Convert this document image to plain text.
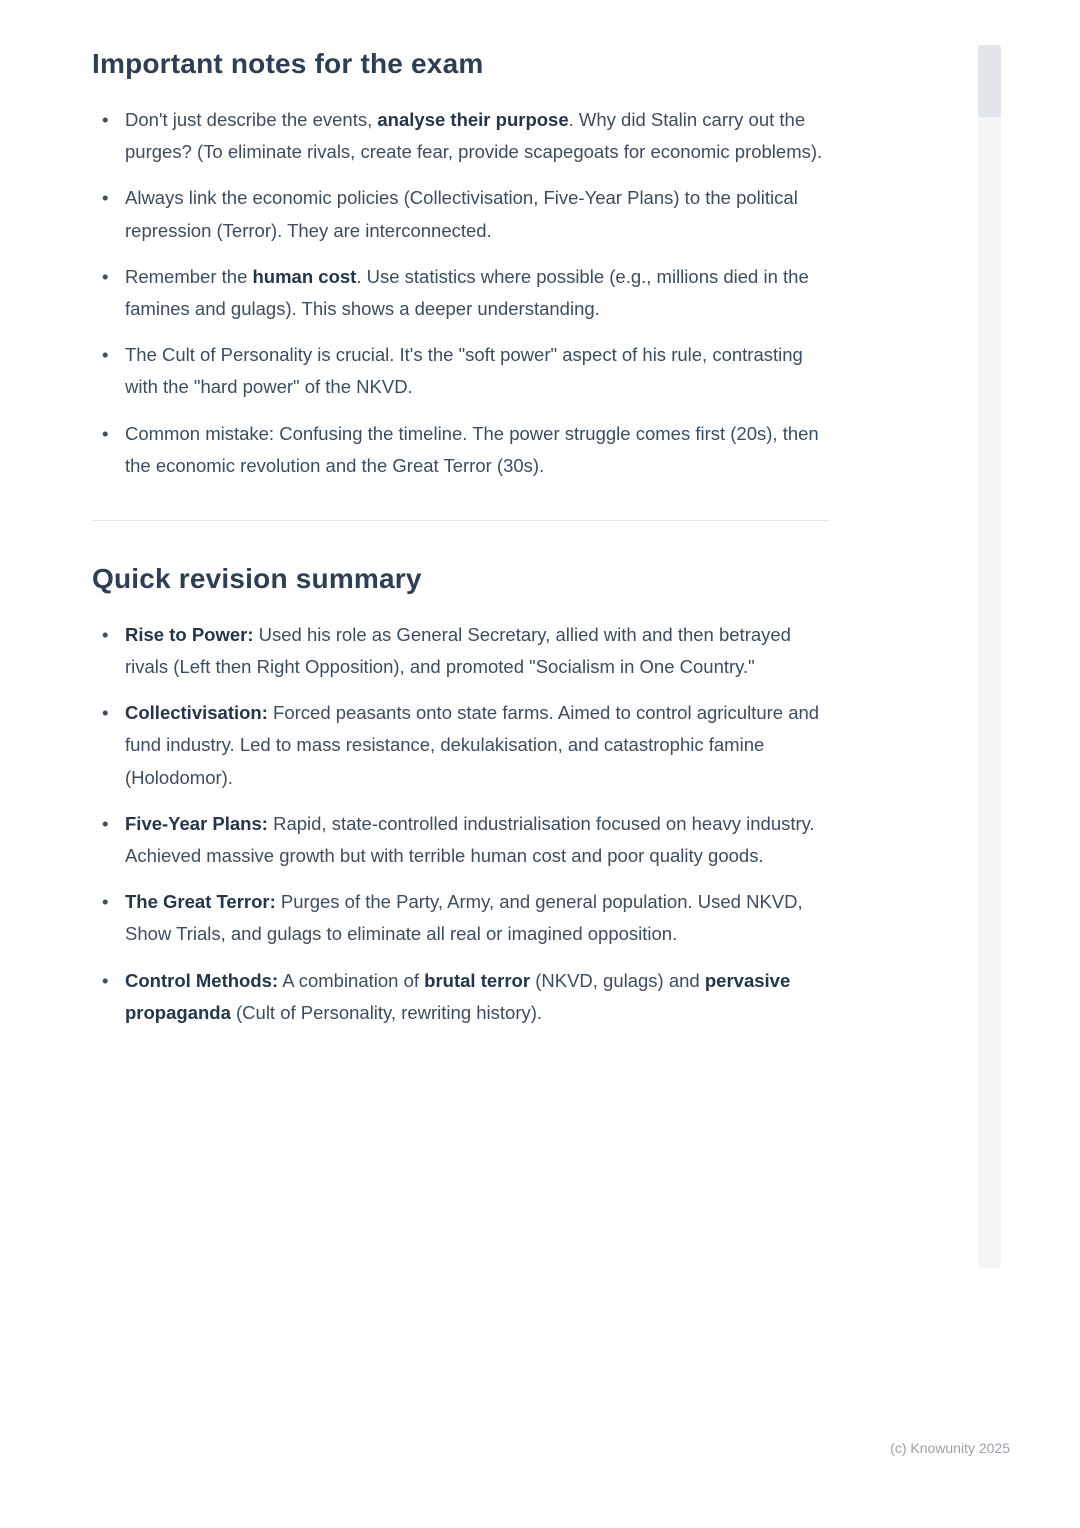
Important notes for the exam
• Don't just describe the events, analyse their purpose. Why did Stalin carry out the purges? (To eliminate rivals, create fear, provide scapegoats for economic problems).
• Always link the economic policies (Collectivisation, Five-Year Plans) to the political repression (Terror). They are interconnected.
• Remember the human cost. Use statistics where possible (e.g., millions died in the famines and gulags). This shows a deeper understanding.
• The Cult of Personality is crucial. It's the "soft power" aspect of his rule, contrasting with the "hard power" of the NKVD.
• Common mistake: Confusing the timeline. The power struggle comes first (20s), then the economic revolution and the Great Terror (30s).
Quick revision summary
• Rise to Power: Used his role as General Secretary, allied with and then betrayed rivals (Left then Right Opposition), and promoted "Socialism in One Country."
• Collectivisation: Forced peasants onto state farms. Aimed to control agriculture and fund industry. Led to mass resistance, dekulakisation, and catastrophic famine (Holodomor).
• Five-Year Plans: Rapid, state-controlled industrialisation focused on heavy industry. Achieved massive growth but with terrible human cost and poor quality goods.
• The Great Terror: Purges of the Party, Army, and general population. Used NKVD, Show Trials, and gulags to eliminate all real or imagined opposition.
• Control Methods: A combination of brutal terror (NKVD, gulags) and pervasive propaganda (Cult of Personality, rewriting history).
(c) Knowunity 2025
